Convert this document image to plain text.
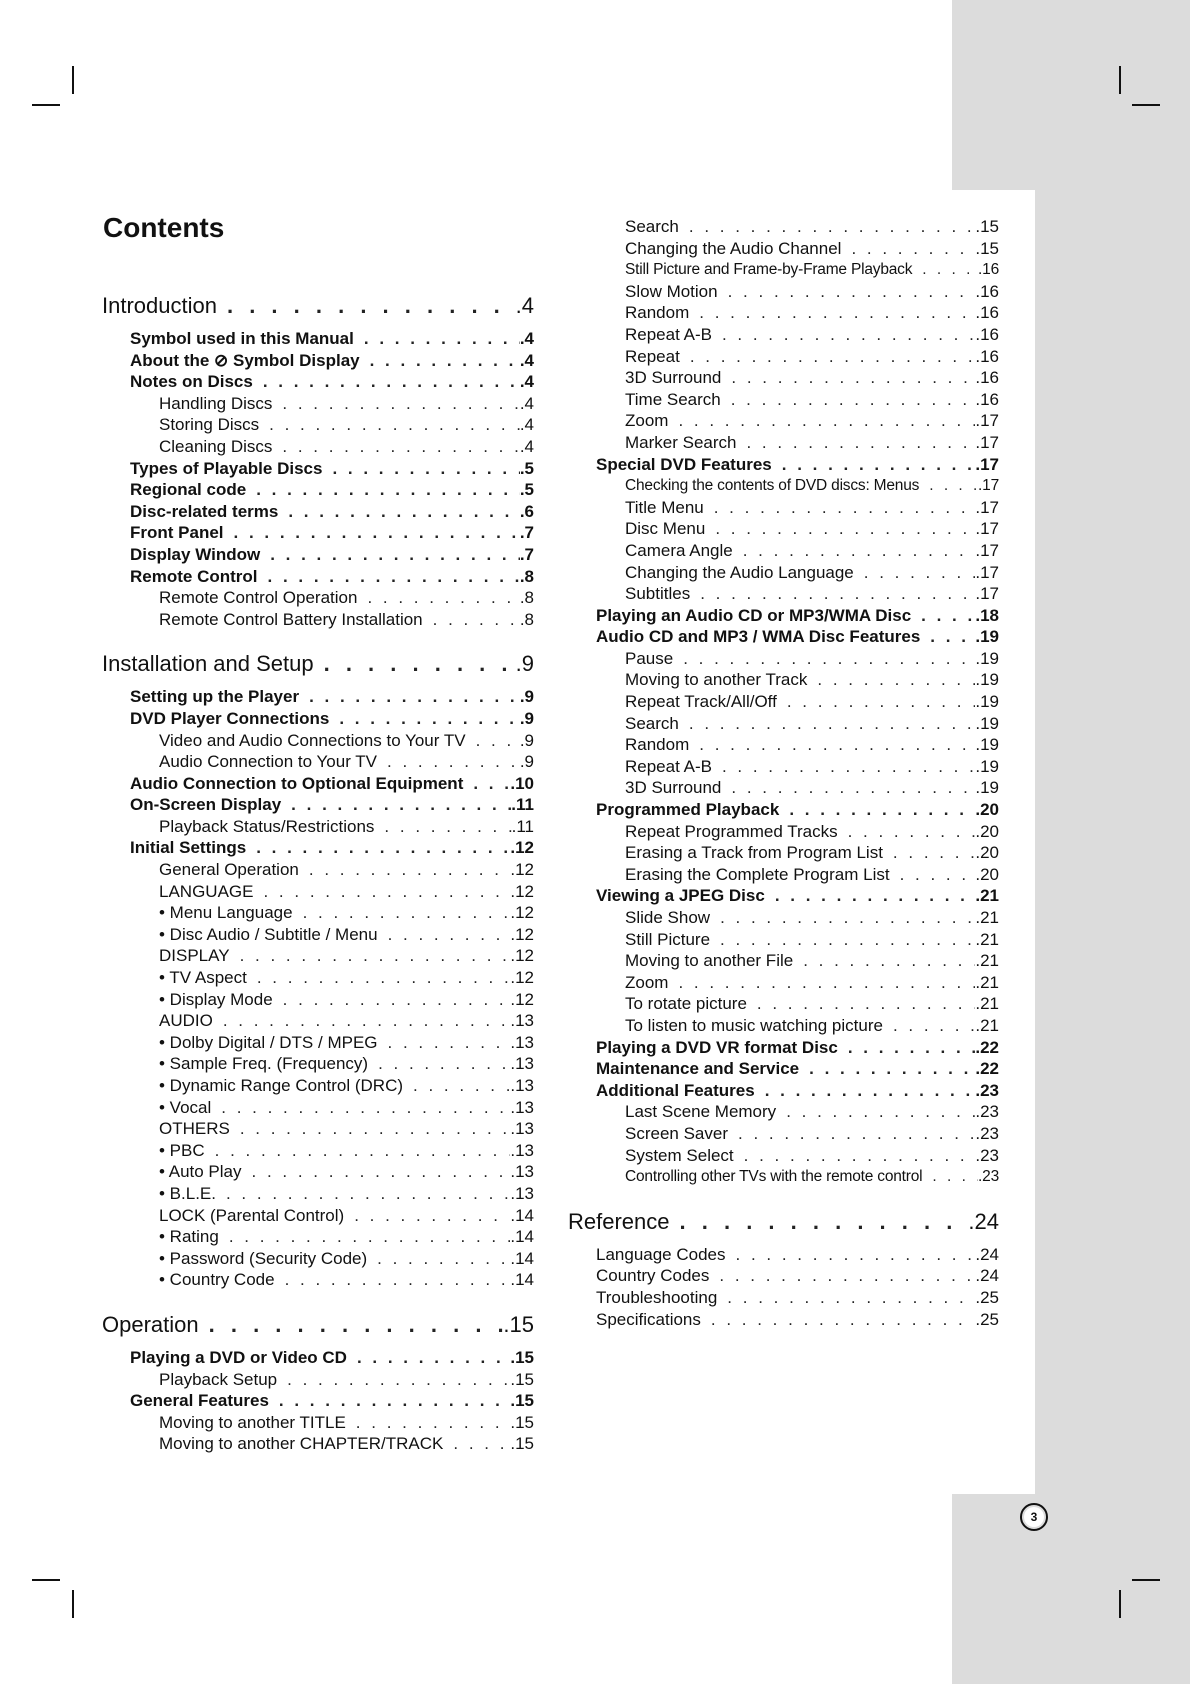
Contents
Introduction . . .	.4
Symbol used in this Manual . . .	.4
About the ⊘ Symbol Display . . .	.4
Notes on Discs . . .	.4
Handling Discs . . .	.4
Storing Discs . . .	.4
Cleaning Discs . . .	.4
Types of Playable Discs . . .	.5
Regional code . . .	.5
Disc-related terms . . .	.6
Front Panel . . .	.7
Display Window . . .	.7
Remote Control . . .	.8
Remote Control Operation . . .	.8
Remote Control Battery Installation . . .	.8
Installation and Setup . . .	.9
Setting up the Player . . .	.9
DVD Player Connections . . .	.9
Video and Audio Connections to Your TV . . .	.9
Audio Connection to Your TV . . .	.9
Audio Connection to Optional Equipment . . .	.10
On-Screen Display . . .	.11
Playback Status/Restrictions . . .	.11
Initial Settings . . .	.12
General Operation . . .	.12
LANGUAGE . . .	.12
• Menu Language . . .	.12
• Disc Audio / Subtitle / Menu . . .	.12
DISPLAY . . .	.12
• TV Aspect . . .	.12
• Display Mode . . .	.12
AUDIO . . .	.13
• Dolby Digital / DTS / MPEG . . .	.13
• Sample Freq. (Frequency) . . .	.13
• Dynamic Range Control (DRC) . . .	.13
• Vocal . . .	.13
OTHERS . . .	.13
• PBC . . .	.13
• Auto Play . . .	.13
• B.L.E. . . .	.13
LOCK (Parental Control) . . .	.14
• Rating . . .	.14
• Password (Security Code) . . .	.14
• Country Code . . .	.14
Operation . . .	.15
Playing a DVD or Video CD . . .	.15
Playback Setup . . .	.15
General Features . . .	.15
Moving to another TITLE . . .	.15
Moving to another CHAPTER/TRACK . . .	.15
Search . . .	.15
Changing the Audio Channel . . .	.15
Still Picture and Frame-by-Frame Playback . . .	.16
Slow Motion . . .	.16
Random . . .	.16
Repeat A-B . . .	.16
Repeat . . .	.16
3D Surround . . .	.16
Time Search . . .	.16
Zoom . . .	.17
Marker Search . . .	.17
Special DVD Features . . .	.17
Checking the contents of DVD discs: Menus . . .	.17
Title Menu . . .	.17
Disc Menu . . .	.17
Camera Angle . . .	.17
Changing the Audio Language . . .	.17
Subtitles . . .	.17
Playing an Audio CD or MP3/WMA Disc . . .	.18
Audio CD and MP3 / WMA Disc Features . . .	.19
Pause . . .	.19
Moving to another Track . . .	.19
Repeat Track/All/Off . . .	.19
Search . . .	.19
Random . . .	.19
Repeat A-B . . .	.19
3D Surround . . .	.19
Programmed Playback . . .	.20
Repeat Programmed Tracks . . .	.20
Erasing a Track from Program List . . .	.20
Erasing the Complete Program List . . .	.20
Viewing a JPEG Disc . . .	.21
Slide Show . . .	.21
Still Picture . . .	.21
Moving to another File . . .	.21
Zoom . . .	.21
To rotate picture . . .	.21
To listen to music watching picture . . .	.21
Playing a DVD VR format Disc . . .	.22
Maintenance and Service . . .	.22
Additional Features . . .	.23
Last Scene Memory . . .	.23
Screen Saver . . .	.23
System Select . . .	.23
Controlling other TVs with the remote control . . .	.23
Reference . . .	.24
Language Codes . . .	.24
Country Codes . . .	.24
Troubleshooting . . .	.25
Specifications . . .	.25
3
